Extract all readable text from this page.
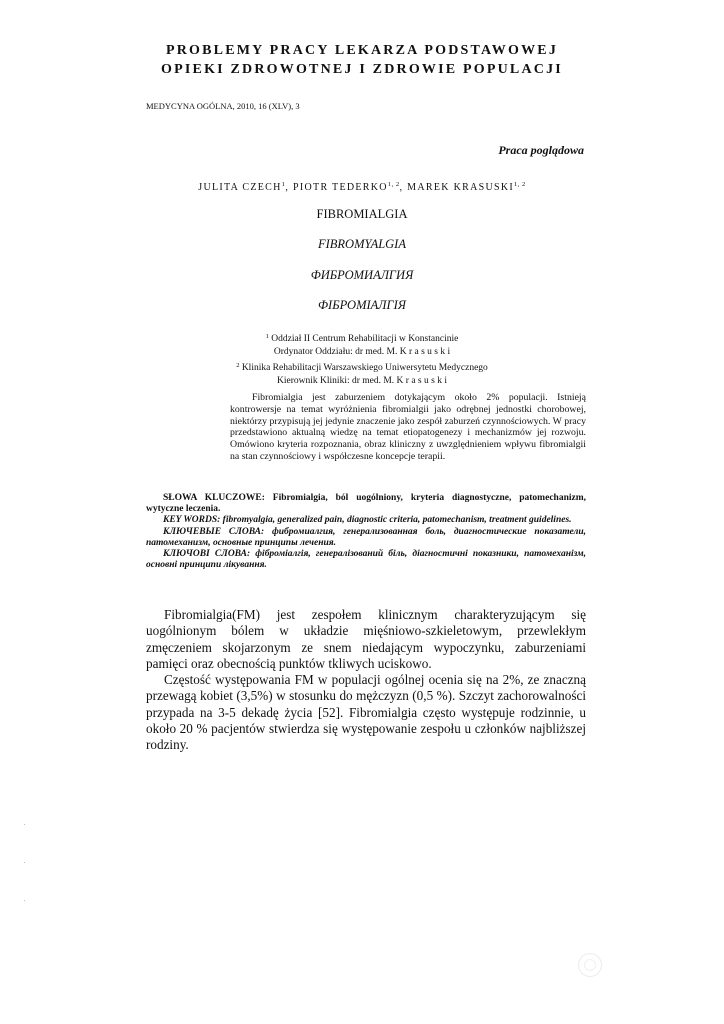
PROBLEMY PRACY LEKARZA PODSTAWOWEJ
OPIEKI ZDROWOTNEJ I ZDROWIE POPULACJI
MEDYCYNA OGÓLNA, 2010, 16 (XLV), 3
Praca poglądowa
JULITA CZECH$^1$, PIOTR TEDERKO$^{1, 2}$, MAREK KRASUSKI$^{1, 2}$
FIBROMIALGIA
FIBROMYALGIA
ФИБРОМИАЛГИЯ
ФІБРОМІАЛГІЯ
$^1$ Oddział II Centrum Rehabilitacji w Konstancinie
Ordynator Oddziału: dr med. M. K r a s u s k i
$^2$ Klinika Rehabilitacji Warszawskiego Uniwersytetu Medycznego
Kierownik Kliniki: dr med. M. K r a s u s k i

Fibromialgia jest zaburzeniem dotykającym około 2% populacji. Istnieją kontrowersje na temat wyróżnienia fibromialgii jako odrębnej jednostki chorobowej, niektórzy przypisują jej jedynie znaczenie jako zespół zaburzeń czynnościowych. W pracy przedstawiono aktualną wiedzę na temat etiopatogenezy i mechanizmów jej rozwoju. Omówiono kryteria rozpoznania, obraz kliniczny z uwzględnieniem wpływu fibromialgii na stan czynnościowy i współczesne koncepcje terapii.

SŁOWA KLUCZOWE: Fibromialgia, ból uogólniony, kryteria diagnostyczne, patomechanizm, wytyczne leczenia.

KEY WORDS: fibromyalgia, generalized pain, diagnostic criteria, patomechanism, treatment guidelines.

КЛЮЧЕВЫЕ СЛОВА: фибромиалгия, генерализованная боль, диагностические показатели, патомеханизм, основные принципы лечения.

КЛЮЧОВІ СЛОВА: фіброміалгія, генералізований біль, діагностичні показники, патомеханізм, основні принципи лікування.

Fibromialgia(FM) jest zespołem klinicznym charakteryzującym się uogólnionym bólem w układzie mięśniowo-szkieletowym, przewlekłym zmęczeniem skojarzonym ze snem niedającym wypoczynku, zaburzeniami pamięci oraz obecnością punktów tkliwych uciskowo.

Częstość występowania FM w populacji ogólnej ocenia się na 2%, ze znaczną przewagą kobiet (3,5%) w stosunku do mężczyzn (0,5 %). Szczyt zachorowalności przypada na 3-5 dekadę życia [52]. Fibromialgia często występuje rodzinnie, u około 20 % pacjentów stwierdza się występowanie zespołu u członków najbliższej rodziny.
